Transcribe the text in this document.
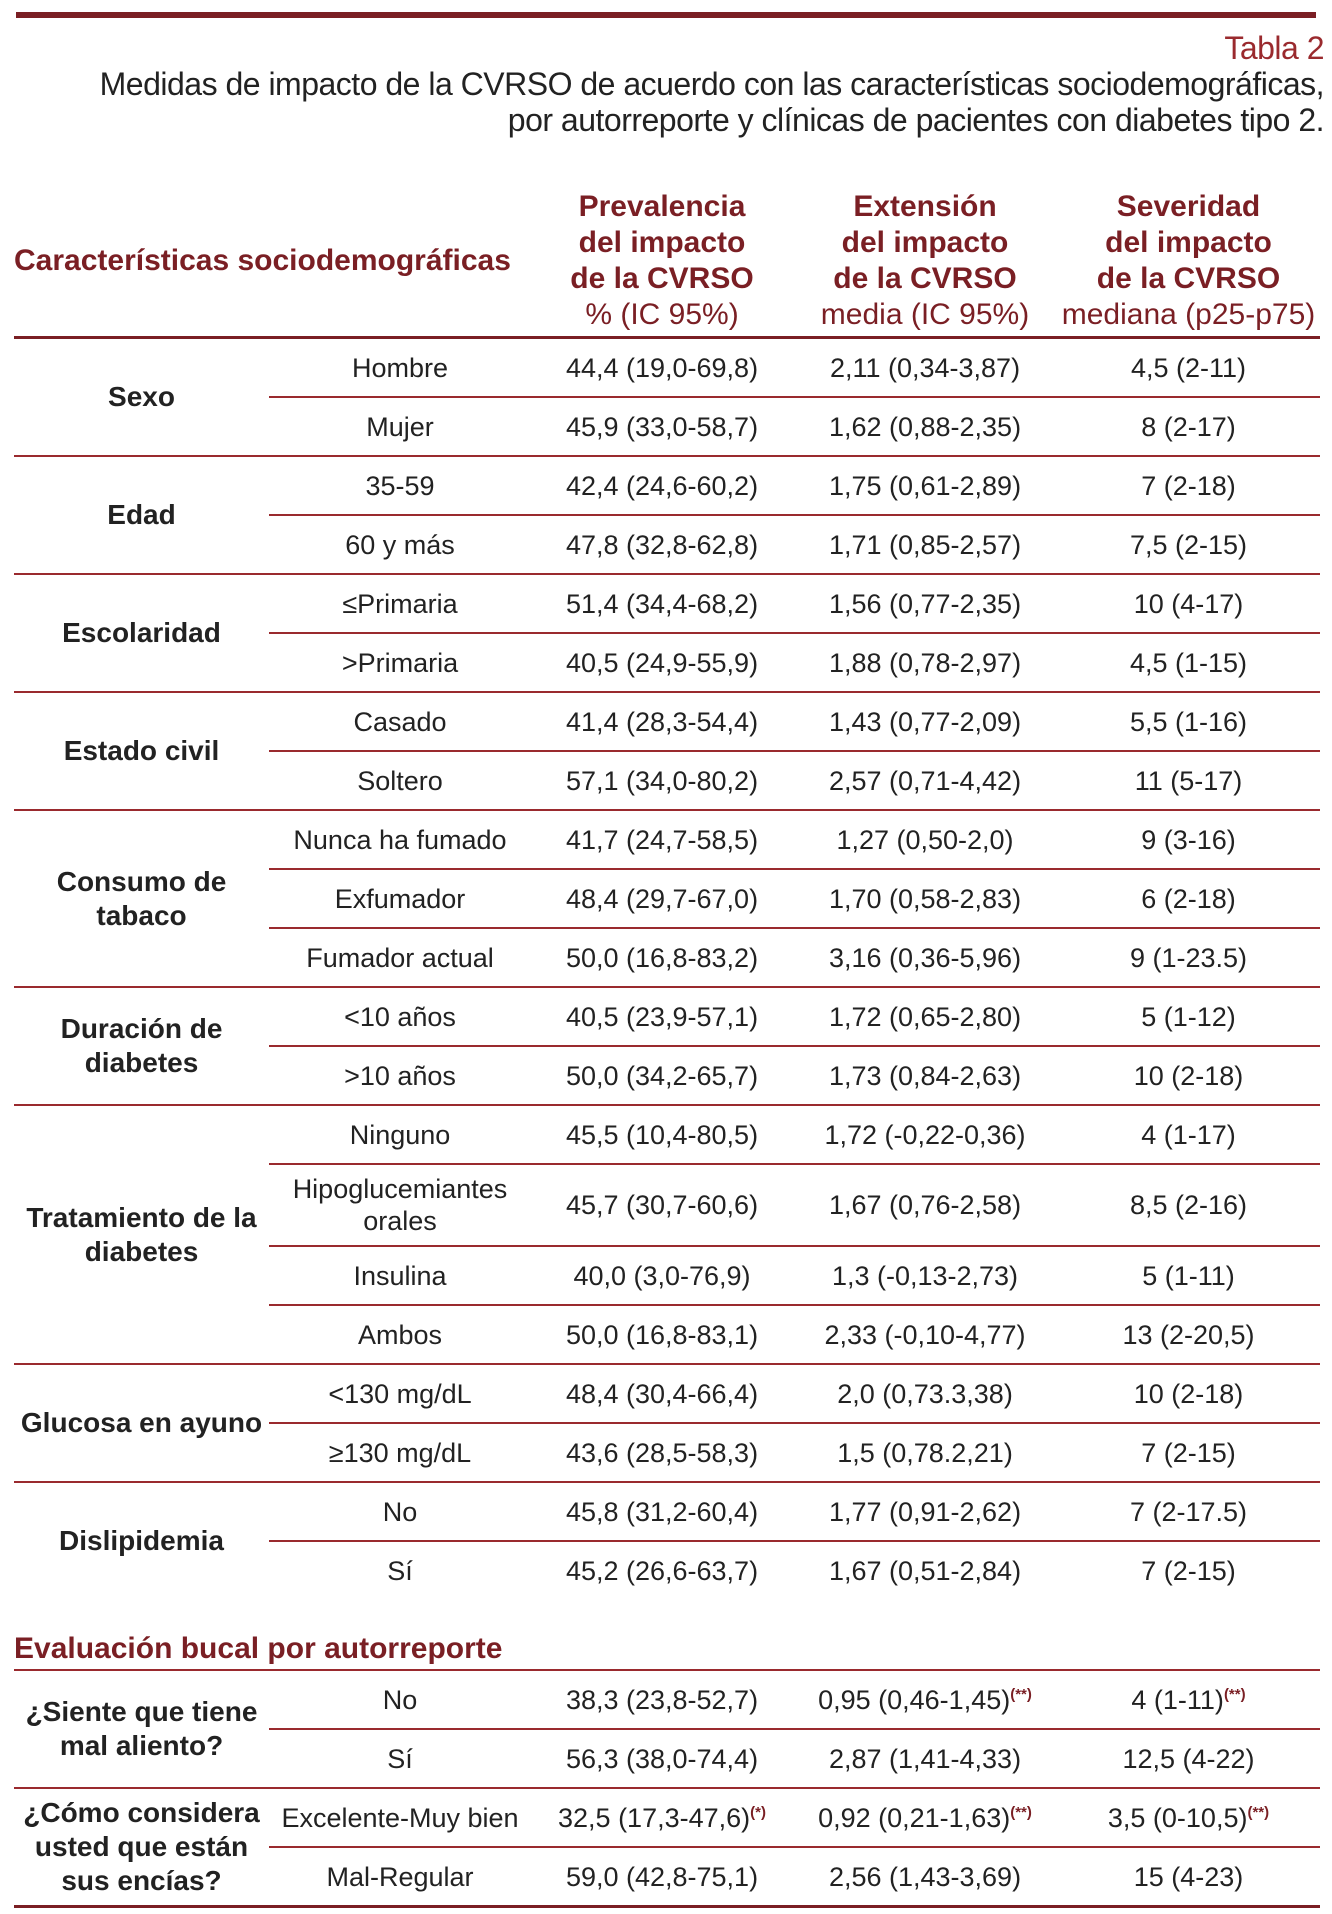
Tabla 2
Medidas de impacto de la CVRSO de acuerdo con las características sociodemográficas,
por autorreporte y clínicas de pacientes con diabetes tipo 2.
Características sociodemográficas		Prevalencia
del impacto
de la CVRSO
% (IC 95%)	Extensión
del impacto
de la CVRSO
media (IC 95%)	Severidad
del impacto
de la CVRSO
mediana (p25-p75)

Sexo	Hombre	44,4 (19,0-69,8)	2,11 (0,34-3,87)	4,5 (2-11)
	Mujer	45,9 (33,0-58,7)	1,62 (0,88-2,35)	8 (2-17)
Edad	35-59	42,4 (24,6-60,2)	1,75 (0,61-2,89)	7 (2-18)
	60 y más	47,8 (32,8-62,8)	1,71 (0,85-2,57)	7,5 (2-15)
Escolaridad	≤Primaria	51,4 (34,4-68,2)	1,56 (0,77-2,35)	10 (4-17)
	>Primaria	40,5 (24,9-55,9)	1,88 (0,78-2,97)	4,5 (1-15)
Estado civil	Casado	41,4 (28,3-54,4)	1,43 (0,77-2,09)	5,5 (1-16)
	Soltero	57,1 (34,0-80,2)	2,57 (0,71-4,42)	11 (5-17)
Consumo de tabaco	Nunca ha fumado	41,7 (24,7-58,5)	1,27 (0,50-2,0)	9 (3-16)
	Exfumador	48,4 (29,7-67,0)	1,70 (0,58-2,83)	6 (2-18)
	Fumador actual	50,0 (16,8-83,2)	3,16 (0,36-5,96)	9 (1-23.5)
Duración de diabetes	<10 años	40,5 (23,9-57,1)	1,72 (0,65-2,80)	5 (1-12)
	>10 años	50,0 (34,2-65,7)	1,73 (0,84-2,63)	10 (2-18)
Tratamiento de la diabetes	Ninguno	45,5 (10,4-80,5)	1,72 (-0,22-0,36)	4 (1-17)
	Hipoglucemiantes orales	45,7 (30,7-60,6)	1,67 (0,76-2,58)	8,5 (2-16)
	Insulina	40,0 (3,0-76,9)	1,3 (-0,13-2,73)	5 (1-11)
	Ambos	50,0 (16,8-83,1)	2,33 (-0,10-4,77)	13 (2-20,5)
Glucosa en ayuno	<130 mg/dL	48,4 (30,4-66,4)	2,0 (0,73.3,38)	10 (2-18)
	≥130 mg/dL	43,6 (28,5-58,3)	1,5 (0,78.2,21)	7 (2-15)
Dislipidemia	No	45,8 (31,2-60,4)	1,77 (0,91-2,62)	7 (2-17.5)
	Sí	45,2 (26,6-63,7)	1,67 (0,51-2,84)	7 (2-15)
Evaluación bucal por autorreporte				
¿Siente que tiene mal aliento?	No	38,3 (23,8-52,7)	0,95 (0,46-1,45)(**)	4 (1-11)(**)
	Sí	56,3 (38,0-74,4)	2,87 (1,41-4,33)	12,5 (4-22)
¿Cómo considera usted que están sus encías?	Excelente-Muy bien	32,5 (17,3-47,6)(*)	0,92 (0,21-1,63)(**)	3,5 (0-10,5)(**)
	Mal-Regular	59,0 (42,8-75,1)	2,56 (1,43-3,69)	15 (4-23)
